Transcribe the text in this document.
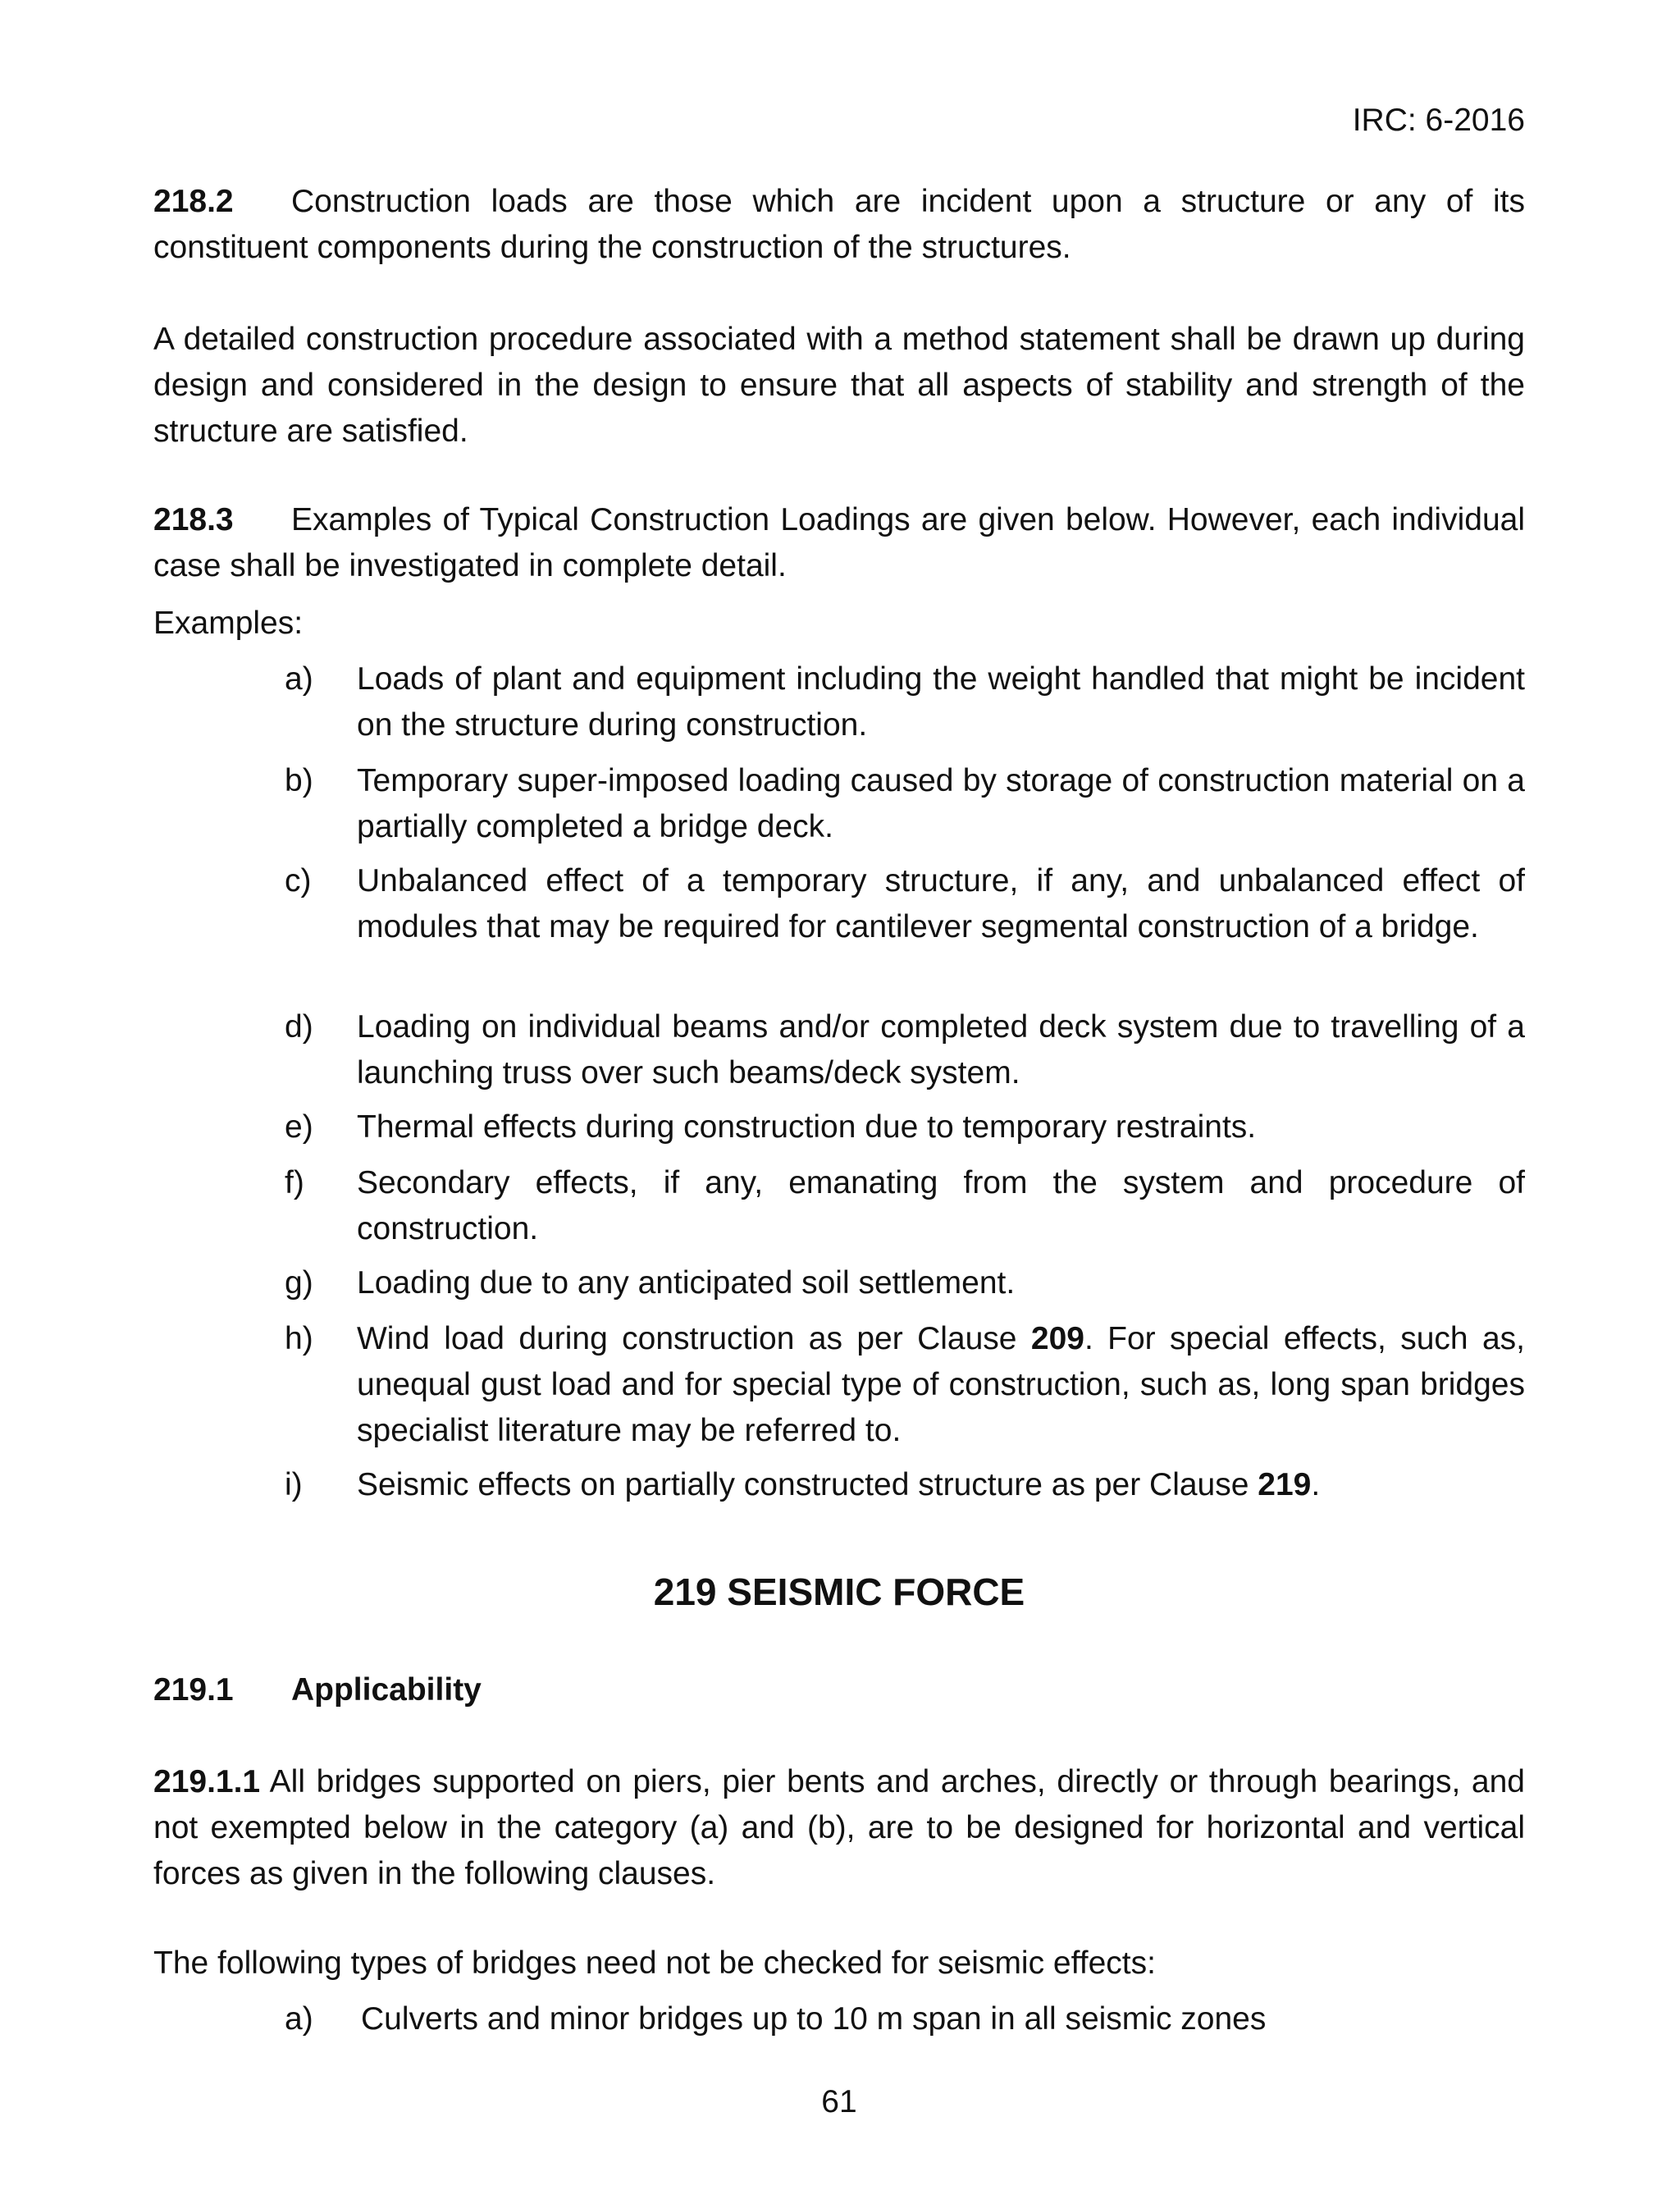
IRC: 6-2016

218.2 Construction loads are those which are incident upon a structure or any of its constituent components during the construction of the structures.

A detailed construction procedure associated with a method statement shall be drawn up during design and considered in the design to ensure that all aspects of stability and strength of the structure are satisfied.

218.3 Examples of Typical Construction Loadings are given below. However, each individual case shall be investigated in complete detail.

Examples:

a)	Loads of plant and equipment including the weight handled that might be incident on the structure during construction.
b)	Temporary super-imposed loading caused by storage of construction material on a partially completed a bridge deck.
c)	Unbalanced effect of a temporary structure, if any, and unbalanced effect of modules that may be required for cantilever segmental construction of a bridge.
d)	Loading on individual beams and/or completed deck system due to travelling of a launching truss over such beams/deck system.
e)	Thermal effects during construction due to temporary restraints.
f)	Secondary effects, if any, emanating from the system and procedure of construction.
g)	Loading due to any anticipated soil settlement.
h)	Wind load during construction as per Clause 209. For special effects, such as, unequal gust load and for special type of construction, such as, long span bridges specialist literature may be referred to.
i)	Seismic effects on partially constructed structure as per Clause 219.
219 SEISMIC FORCE
219.1 Applicability

219.1.1 All bridges supported on piers, pier bents and arches, directly or through bearings, and not exempted below in the category (a) and (b), are to be designed for horizontal and vertical forces as given in the following clauses.

The following types of bridges need not be checked for seismic effects:

a)	Culverts and minor bridges up to 10 m span in all seismic zones
61
